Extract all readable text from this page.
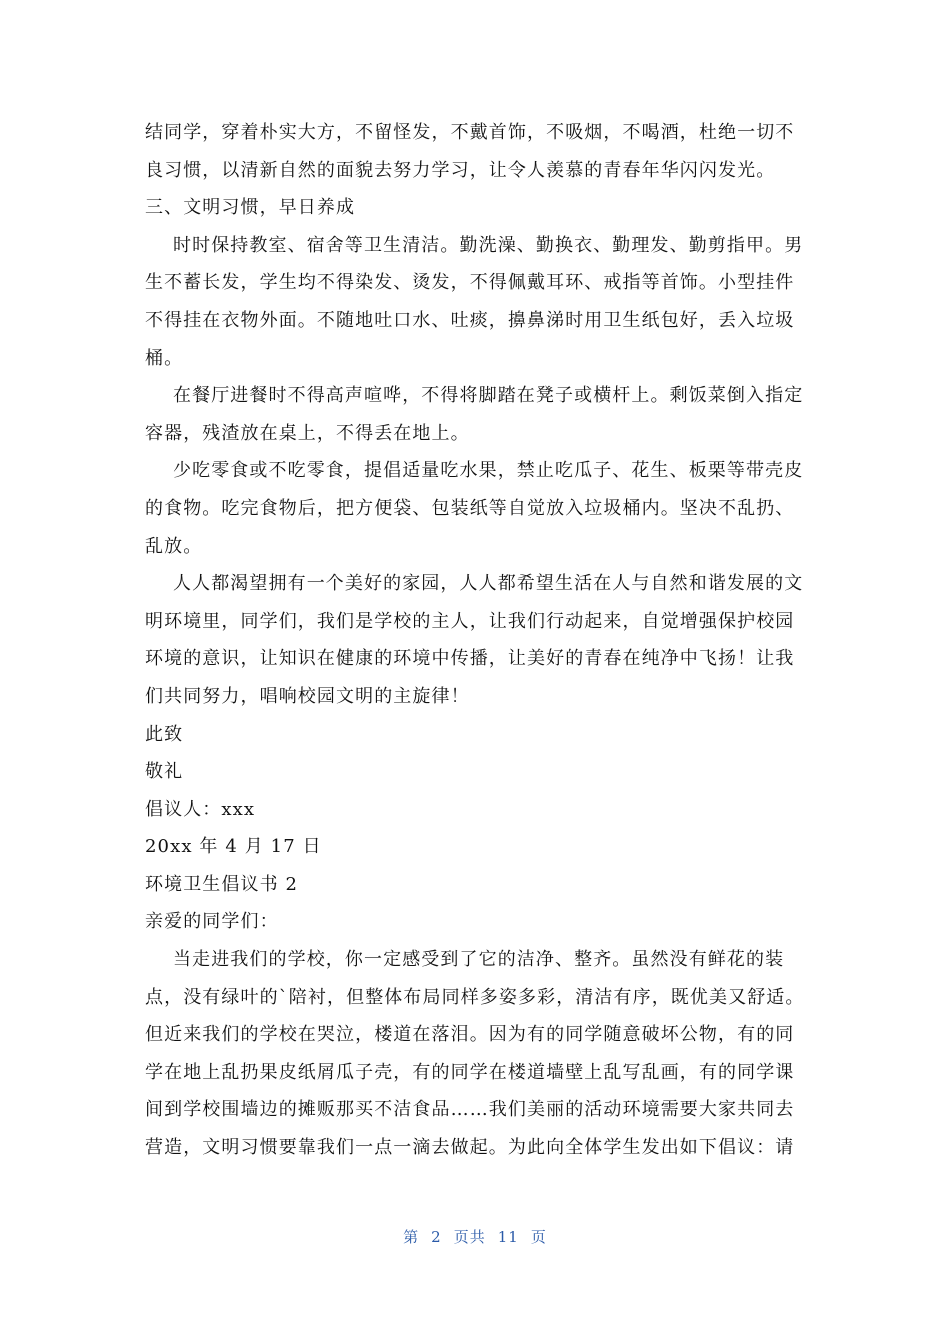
结同学，穿着朴实大方，不留怪发，不戴首饰，不吸烟，不喝酒，杜绝一切不良习惯，以清新自然的面貌去努力学习，让令人羡慕的青春年华闪闪发光。

三、文明习惯，早日养成

时时保持教室、宿舍等卫生清洁。勤洗澡、勤换衣、勤理发、勤剪指甲。男生不蓄长发，学生均不得染发、烫发，不得佩戴耳环、戒指等首饰。小型挂件不得挂在衣物外面。不随地吐口水、吐痰，擤鼻涕时用卫生纸包好，丢入垃圾桶。

在餐厅进餐时不得高声喧哗，不得将脚踏在凳子或横杆上。剩饭菜倒入指定容器，残渣放在桌上，不得丢在地上。

少吃零食或不吃零食，提倡适量吃水果，禁止吃瓜子、花生、板栗等带壳皮的食物。吃完食物后，把方便袋、包装纸等自觉放入垃圾桶内。坚决不乱扔、乱放。

人人都渴望拥有一个美好的家园，人人都希望生活在人与自然和谐发展的文明环境里，同学们，我们是学校的主人，让我们行动起来，自觉增强保护校园环境的意识，让知识在健康的环境中传播，让美好的青春在纯净中飞扬！让我们共同努力，唱响校园文明的主旋律！

此致

敬礼

倡议人：xxx

20xx 年 4 月 17 日

环境卫生倡议书 2

亲爱的同学们：

当走进我们的学校，你一定感受到了它的洁净、整齐。虽然没有鲜花的装点，没有绿叶的`陪衬，但整体布局同样多姿多彩，清洁有序，既优美又舒适。但近来我们的学校在哭泣，楼道在落泪。因为有的同学随意破坏公物，有的同学在地上乱扔果皮纸屑瓜子壳，有的同学在楼道墙壁上乱写乱画，有的同学课间到学校围墙边的摊贩那买不洁食品……我们美丽的活动环境需要大家共同去营造，文明习惯要靠我们一点一滴去做起。为此向全体学生发出如下倡议：请

第 2 页共 11 页
